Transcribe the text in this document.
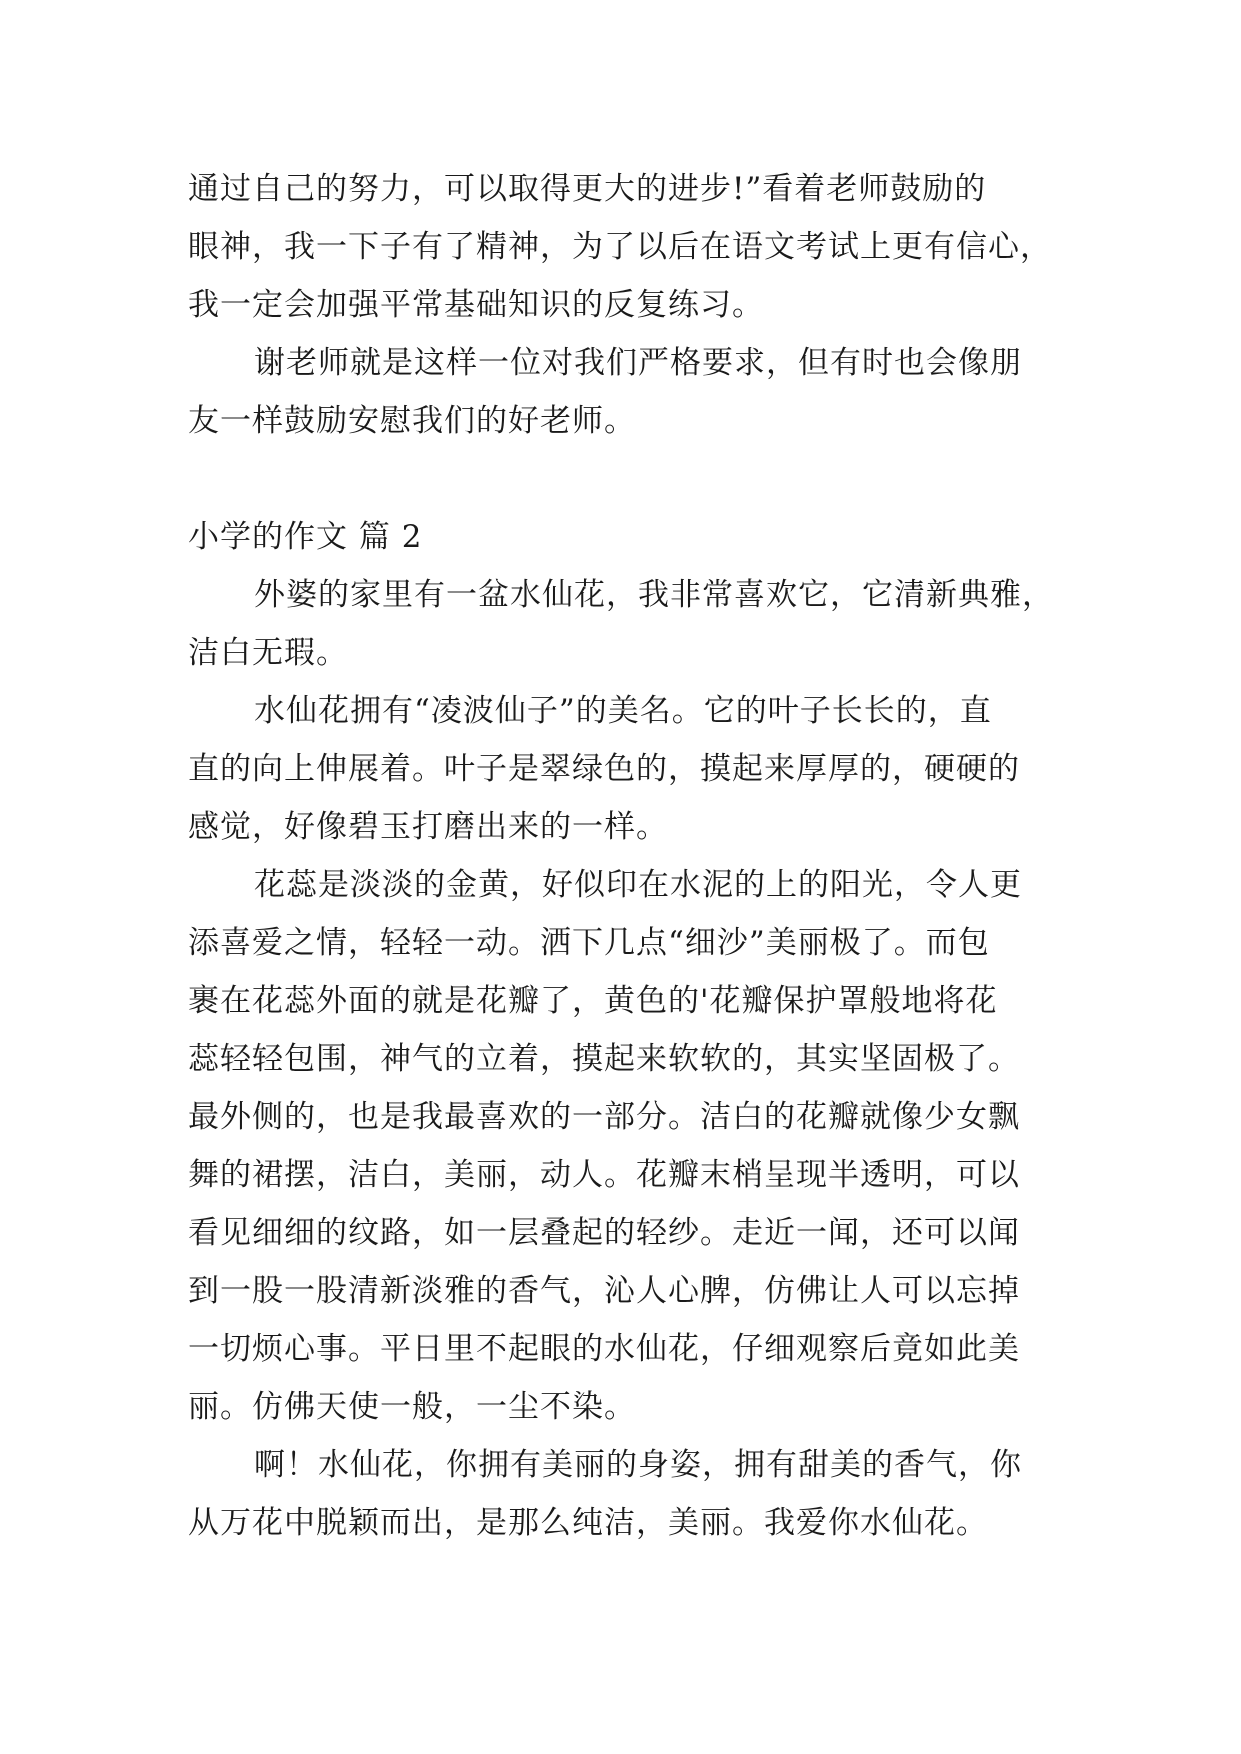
通过自己的努力，可以取得更大的进步!”看着老师鼓励的
眼神，我一下子有了精神，为了以后在语文考试上更有信心，
我一定会加强平常基础知识的反复练习。
谢老师就是这样一位对我们严格要求，但有时也会像朋
友一样鼓励安慰我们的好老师。
小学的作文 篇 2
外婆的家里有一盆水仙花，我非常喜欢它，它清新典雅，
洁白无瑕。
水仙花拥有“凌波仙子”的美名。它的叶子长长的，直
直的向上伸展着。叶子是翠绿色的，摸起来厚厚的，硬硬的
感觉，好像碧玉打磨出来的一样。
花蕊是淡淡的金黄，好似印在水泥的上的阳光，令人更
添喜爱之情，轻轻一动。洒下几点“细沙”美丽极了。而包
裹在花蕊外面的就是花瓣了，黄色的'花瓣保护罩般地将花
蕊轻轻包围，神气的立着，摸起来软软的，其实坚固极了。
最外侧的，也是我最喜欢的一部分。洁白的花瓣就像少女飘
舞的裙摆，洁白，美丽，动人。花瓣末梢呈现半透明，可以
看见细细的纹路，如一层叠起的轻纱。走近一闻，还可以闻
到一股一股清新淡雅的香气，沁人心脾，仿佛让人可以忘掉
一切烦心事。平日里不起眼的水仙花，仔细观察后竟如此美
丽。仿佛天使一般，一尘不染。
啊！水仙花，你拥有美丽的身姿，拥有甜美的香气，你
从万花中脱颖而出，是那么纯洁，美丽。我爱你水仙花。
